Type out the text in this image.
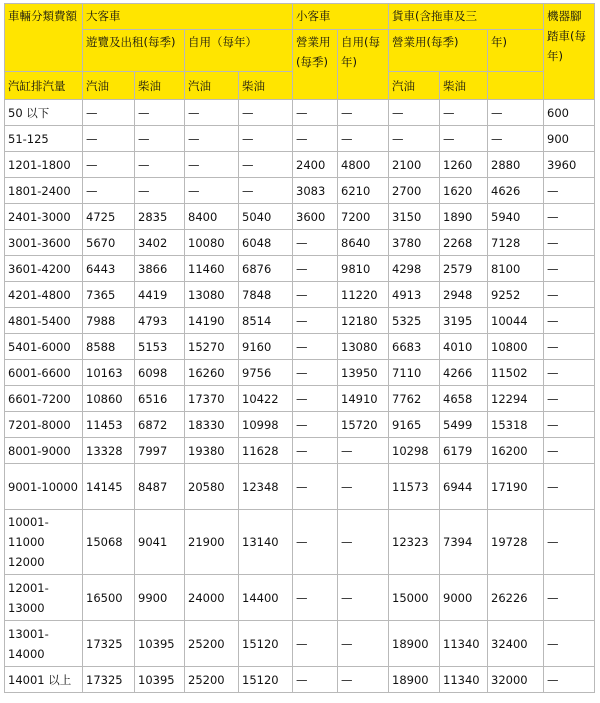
車輛分類費額	大客車				小客車		貨車(含拖車及三			機器腳踏車(每年)
	遊覽及出租(每季)		自用（每年）		營業用(每季)	自用(每年)	營業用(每季)		年)	
汽缸排汽量	汽油	柴油	汽油	柴油			汽油	柴油		
50 以下	—	—	—	—	—	—	—	—	—	600
51-125	—	—	—	—	—	—	—	—	—	900
1201-1800	—	—	—	—	2400	4800	2100	1260	2880	3960
1801-2400	—	—	—	—	3083	6210	2700	1620	4626	—
2401-3000	4725	2835	8400	5040	3600	7200	3150	1890	5940	—
3001-3600	5670	3402	10080	6048	—	8640	3780	2268	7128	—
3601-4200	6443	3866	11460	6876	—	9810	4298	2579	8100	—
4201-4800	7365	4419	13080	7848	—	11220	4913	2948	9252	—
4801-5400	7988	4793	14190	8514	—	12180	5325	3195	10044	—
5401-6000	8588	5153	15270	9160	—	13080	6683	4010	10800	—
6001-6600	10163	6098	16260	9756	—	13950	7110	4266	11502	—
6601-7200	10860	6516	17370	10422	—	14910	7762	4658	12294	—
7201-8000	11453	6872	18330	10998	—	15720	9165	5499	15318	—
8001-9000	13328	7997	19380	11628	—	—	10298	6179	16200	—
9001-10000	14145	8487	20580	12348	—	—	11573	6944	17190	—
10001-11000 12000	15068	9041	21900	13140	—	—	12323	7394	19728	—
12001-13000	16500	9900	24000	14400	—	—	15000	9000	26226	—
13001-14000	17325	10395	25200	15120	—	—	18900	11340	32400	—
14001 以上	17325	10395	25200	15120	—	—	18900	11340	32000	—
